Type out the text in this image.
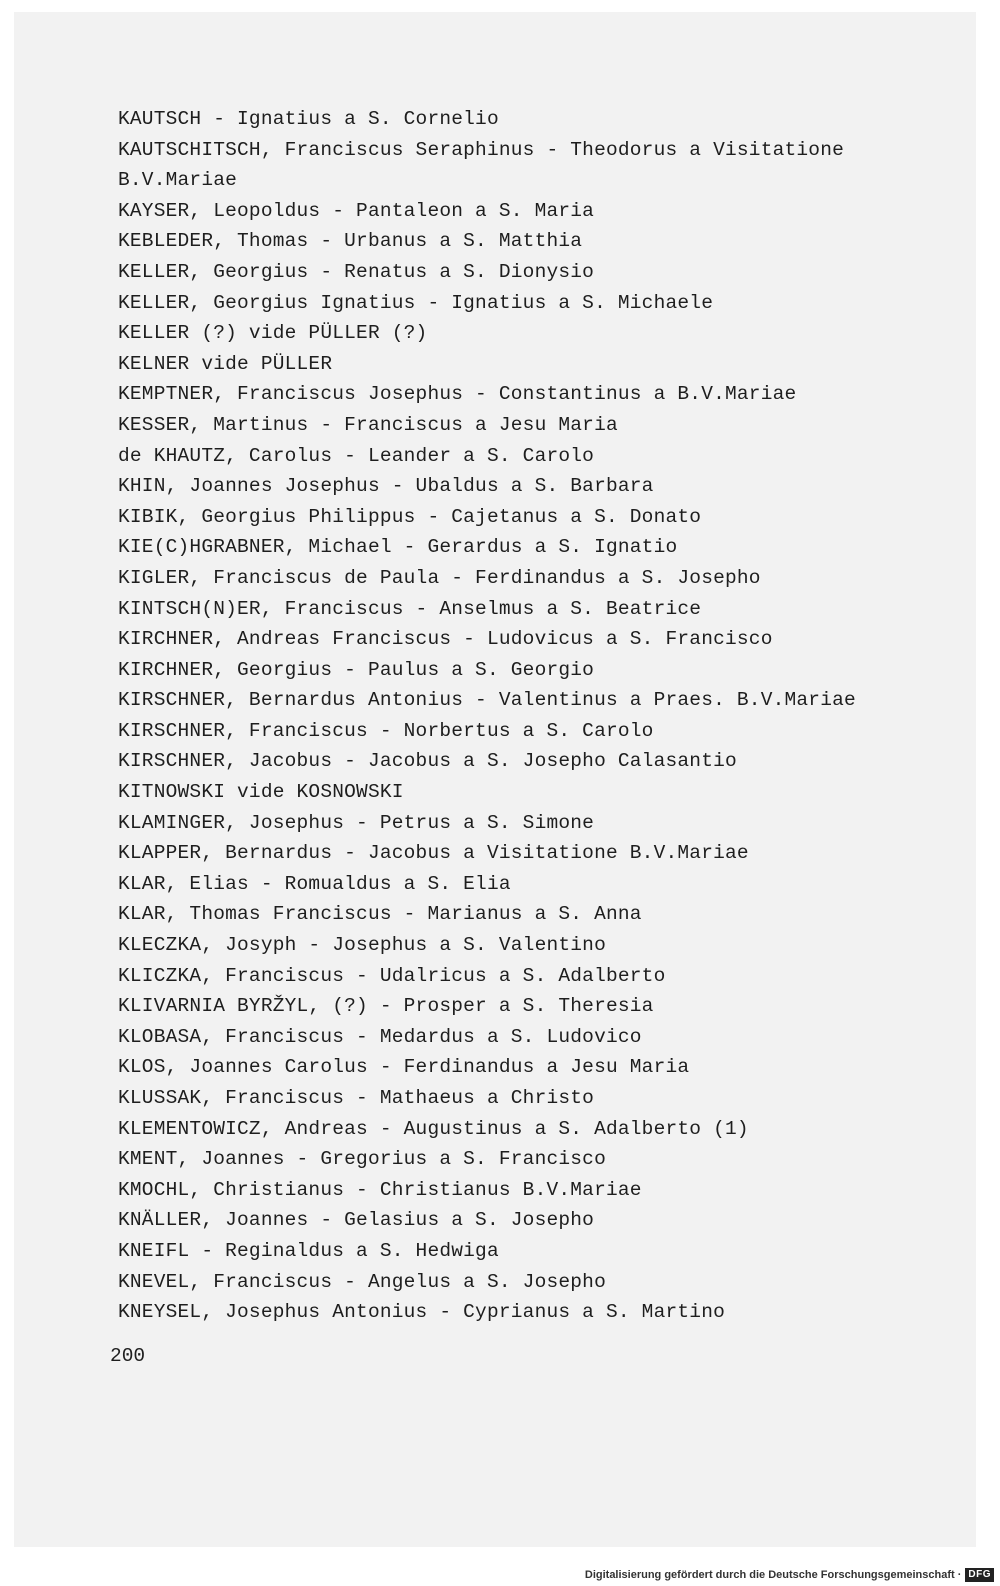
KAUTSCH - Ignatius a S. Cornelio
KAUTSCHITSCH, Franciscus Seraphinus - Theodorus a Visitatione
B.V.Mariae
KAYSER, Leopoldus - Pantaleon a S. Maria
KEBLEDER, Thomas - Urbanus a S. Matthia
KELLER, Georgius - Renatus a S. Dionysio
KELLER, Georgius Ignatius - Ignatius a S. Michaele
KELLER (?) vide PÜLLER (?)
KELNER vide PÜLLER
KEMPTNER, Franciscus Josephus - Constantinus a B.V.Mariae
KESSER, Martinus - Franciscus a Jesu Maria
de KHAUTZ, Carolus - Leander a S. Carolo
KHIN, Joannes Josephus - Ubaldus a S. Barbara
KIBIK, Georgius Philippus - Cajetanus a S. Donato
KIE(C)HGRABNER, Michael - Gerardus a S. Ignatio
KIGLER, Franciscus de Paula - Ferdinandus a S. Josepho
KINTSCH(N)ER, Franciscus - Anselmus a S. Beatrice
KIRCHNER, Andreas Franciscus - Ludovicus a S. Francisco
KIRCHNER, Georgius - Paulus a S. Georgio
KIRSCHNER, Bernardus Antonius - Valentinus a Praes. B.V.Mariae
KIRSCHNER, Franciscus - Norbertus a S. Carolo
KIRSCHNER, Jacobus - Jacobus a S. Josepho Calasantio
KITNOWSKI vide KOSNOWSKI
KLAMINGER, Josephus - Petrus a S. Simone
KLAPPER, Bernardus - Jacobus a Visitatione B.V.Mariae
KLAR, Elias - Romualdus a S. Elia
KLAR, Thomas Franciscus - Marianus a S. Anna
KLECZKA, Josyph - Josephus a S. Valentino
KLICZKA, Franciscus - Udalricus a S. Adalberto
KLIVARNIA BYRŽYL, (?) - Prosper a S. Theresia
KLOBASA, Franciscus - Medardus a S. Ludovico
KLOS, Joannes Carolus - Ferdinandus a Jesu Maria
KLUSSAK, Franciscus - Mathaeus a Christo
KLEMENTOWICZ, Andreas - Augustinus a S. Adalberto (1)
KMENT, Joannes - Gregorius a S. Francisco
KMOCHL, Christianus - Christianus B.V.Mariae
KNÄLLER, Joannes - Gelasius a S. Josepho
KNEIFL - Reginaldus a S. Hedwiga
KNEVEL, Franciscus - Angelus a S. Josepho
KNEYSEL, Josephus Antonius - Cyprianus a S. Martino
200
Digitalisierung gefördert durch die Deutsche Forschungsgemeinschaft · DFG
